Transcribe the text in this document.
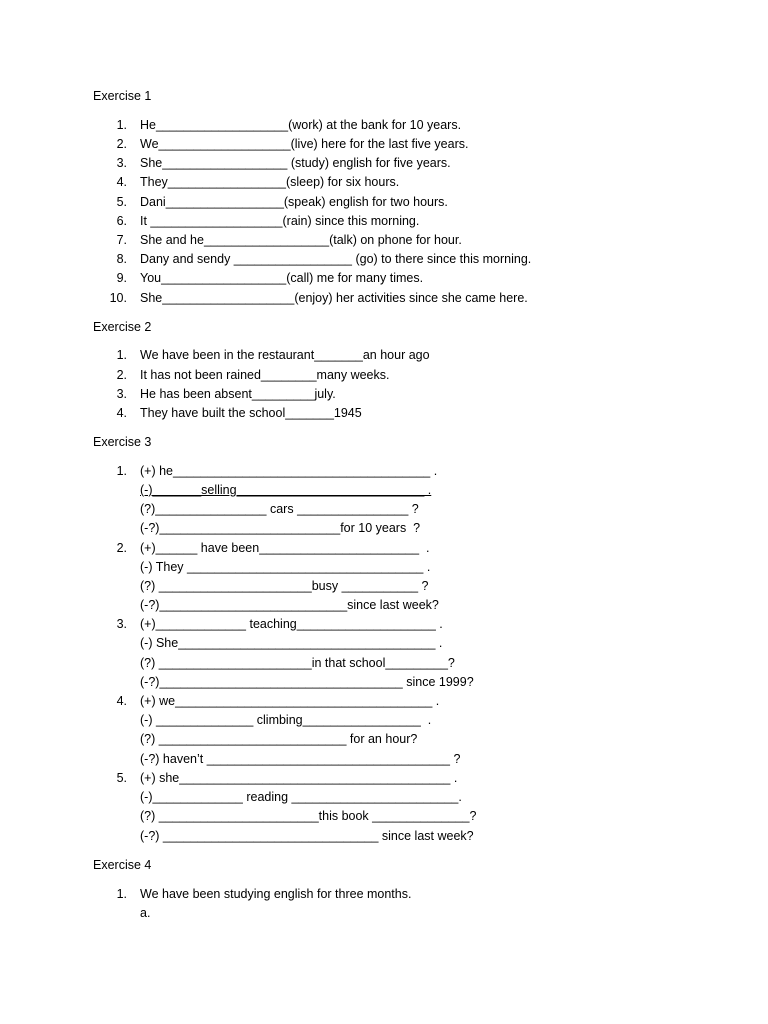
Exercise 1
1. He___________________(work) at the bank for 10 years.
2. We___________________(live) here for the last five years.
3. She__________________ (study) english for five years.
4. They_________________(sleep) for six hours.
5. Dani_________________(speak) english for two hours.
6. It ___________________(rain) since this morning.
7. She and he__________________(talk) on phone for hour.
8. Dany and sendy _________________ (go) to there since this morning.
9. You__________________(call) me for many times.
10. She___________________(enjoy) her activities since she came here.
Exercise 2
1. We have been in the restaurant_______an hour ago
2. It has not been rained________many weeks.
3. He has been absent_________july.
4. They have built the school_______1945
Exercise 3
1. (+) he_____________________________________ .
(-)_______selling___________________________ .
(?)________________ cars ________________ ?
(-?)__________________________for 10 years  ?
2. (+)______ have been_______________________  .
(-) They __________________________________ .
(?) ______________________busy ___________ ?
(-?)___________________________since last week?
3. (+)_____________ teaching____________________ .
(-) She_____________________________________ .
(?) ______________________in that school_________?
(-?)___________________________________ since 1999?
4. (+) we_____________________________________ .
(-) ______________ climbing_________________  .
(?) ___________________________ for an hour?
(-?) haven’t ___________________________________ ?
5. (+) she_______________________________________ .
(-)_____________ reading ________________________.
(?) _______________________this book ______________?
(-?) _______________________________ since last week?
Exercise 4
1. We have been studying english for three months.
a.
